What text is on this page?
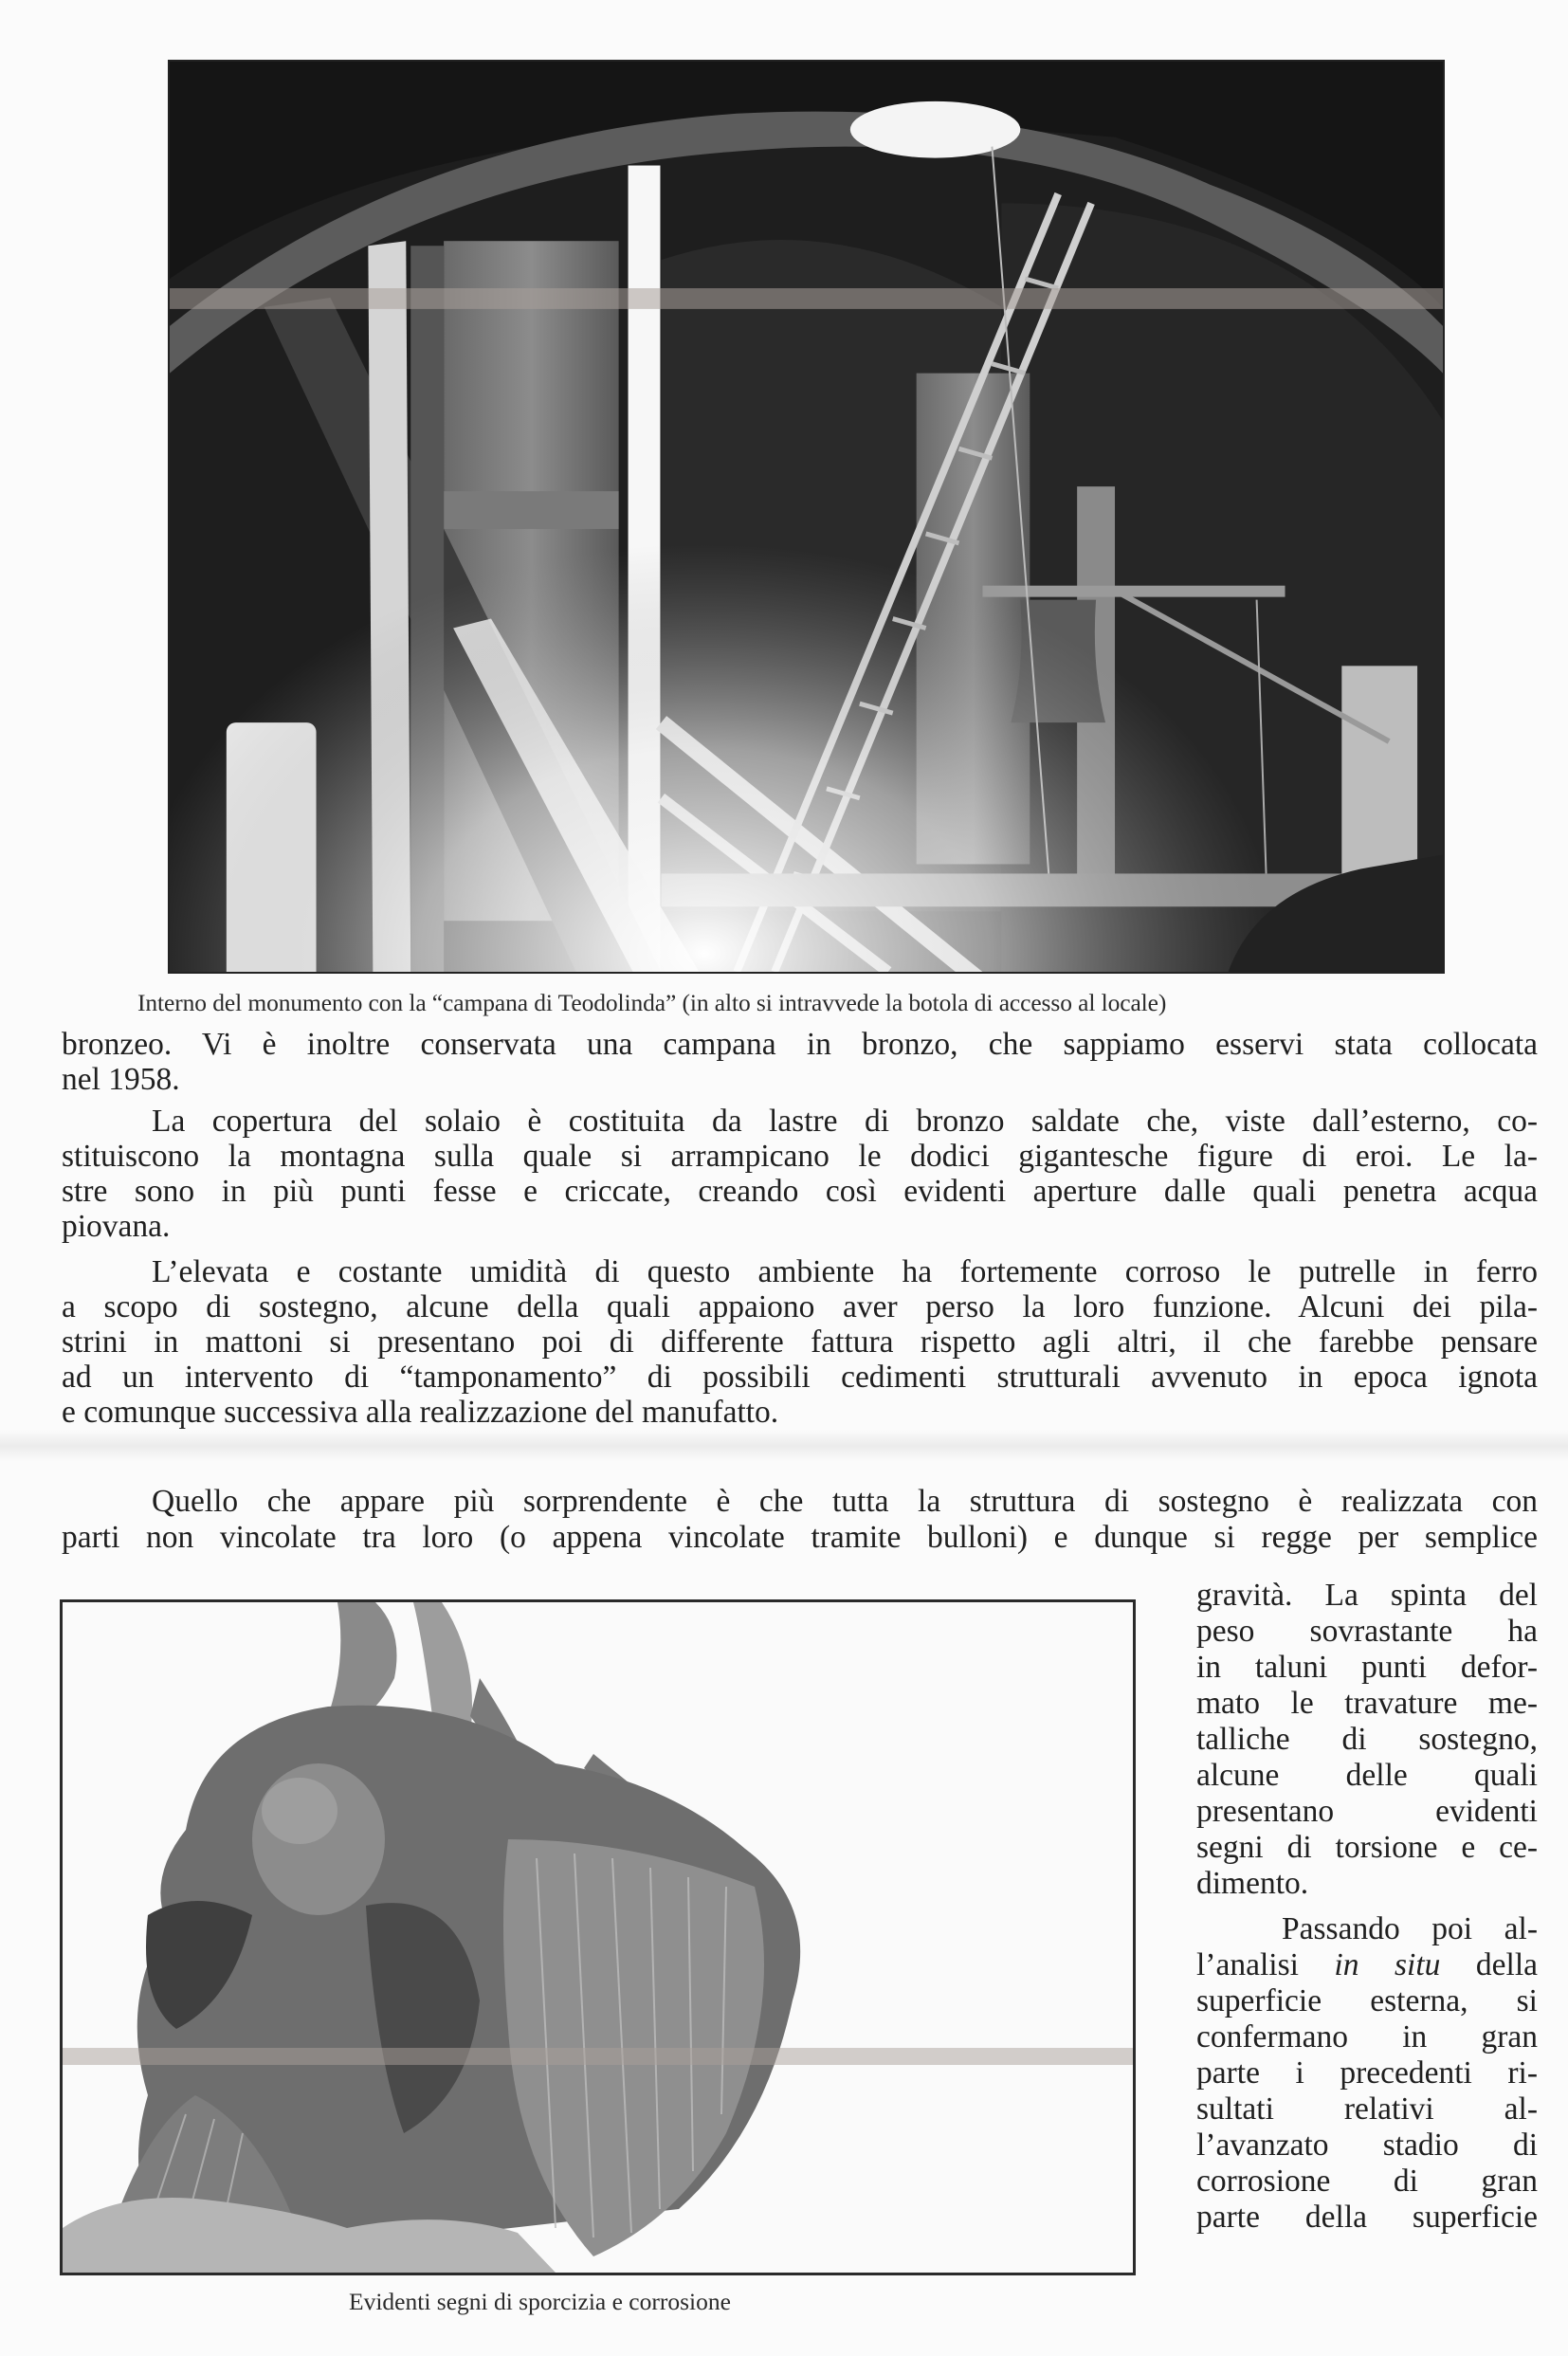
Interno del monumento con la “campana di Teodolinda” (in alto si intravvede la botola di accesso al locale)
bronzeo. Vi è inoltre conservata una campana in bronzo, che sappiamo esservi stata collocata
nel 1958.
La copertura del solaio è costituita da lastre di bronzo saldate che, viste dall’esterno, co-
stituiscono la montagna sulla quale si arrampicano le dodici gigantesche figure di eroi. Le la-
stre sono in più punti fesse e criccate, creando così evidenti aperture dalle quali penetra acqua
piovana.
L’elevata e costante umidità di questo ambiente ha fortemente corroso le putrelle in ferro
a scopo di sostegno, alcune della quali appaiono aver perso la loro funzione. Alcuni dei pila-
strini in mattoni si presentano poi di differente fattura rispetto agli altri, il che farebbe pensare
ad un intervento di “tamponamento” di possibili cedimenti strutturali avvenuto in epoca ignota
e comunque successiva alla realizzazione del manufatto.
Quello che appare più sorprendente è che tutta la struttura di sostegno è realizzata con
parti non vincolate tra loro (o appena vincolate tramite bulloni) e dunque si regge per semplice
gravità. La spinta del
peso sovrastante ha
in taluni punti defor-
mato le travature me-
talliche di sostegno,
alcune delle quali
presentano evidenti
segni di torsione e ce-
dimento.
Passando poi al-
l’analisi in situ della
superficie esterna, si
confermano in gran
parte i precedenti ri-
sultati relativi al-
l’avanzato stadio di
corrosione di gran
parte della superficie
Evidenti segni di sporcizia e corrosione
